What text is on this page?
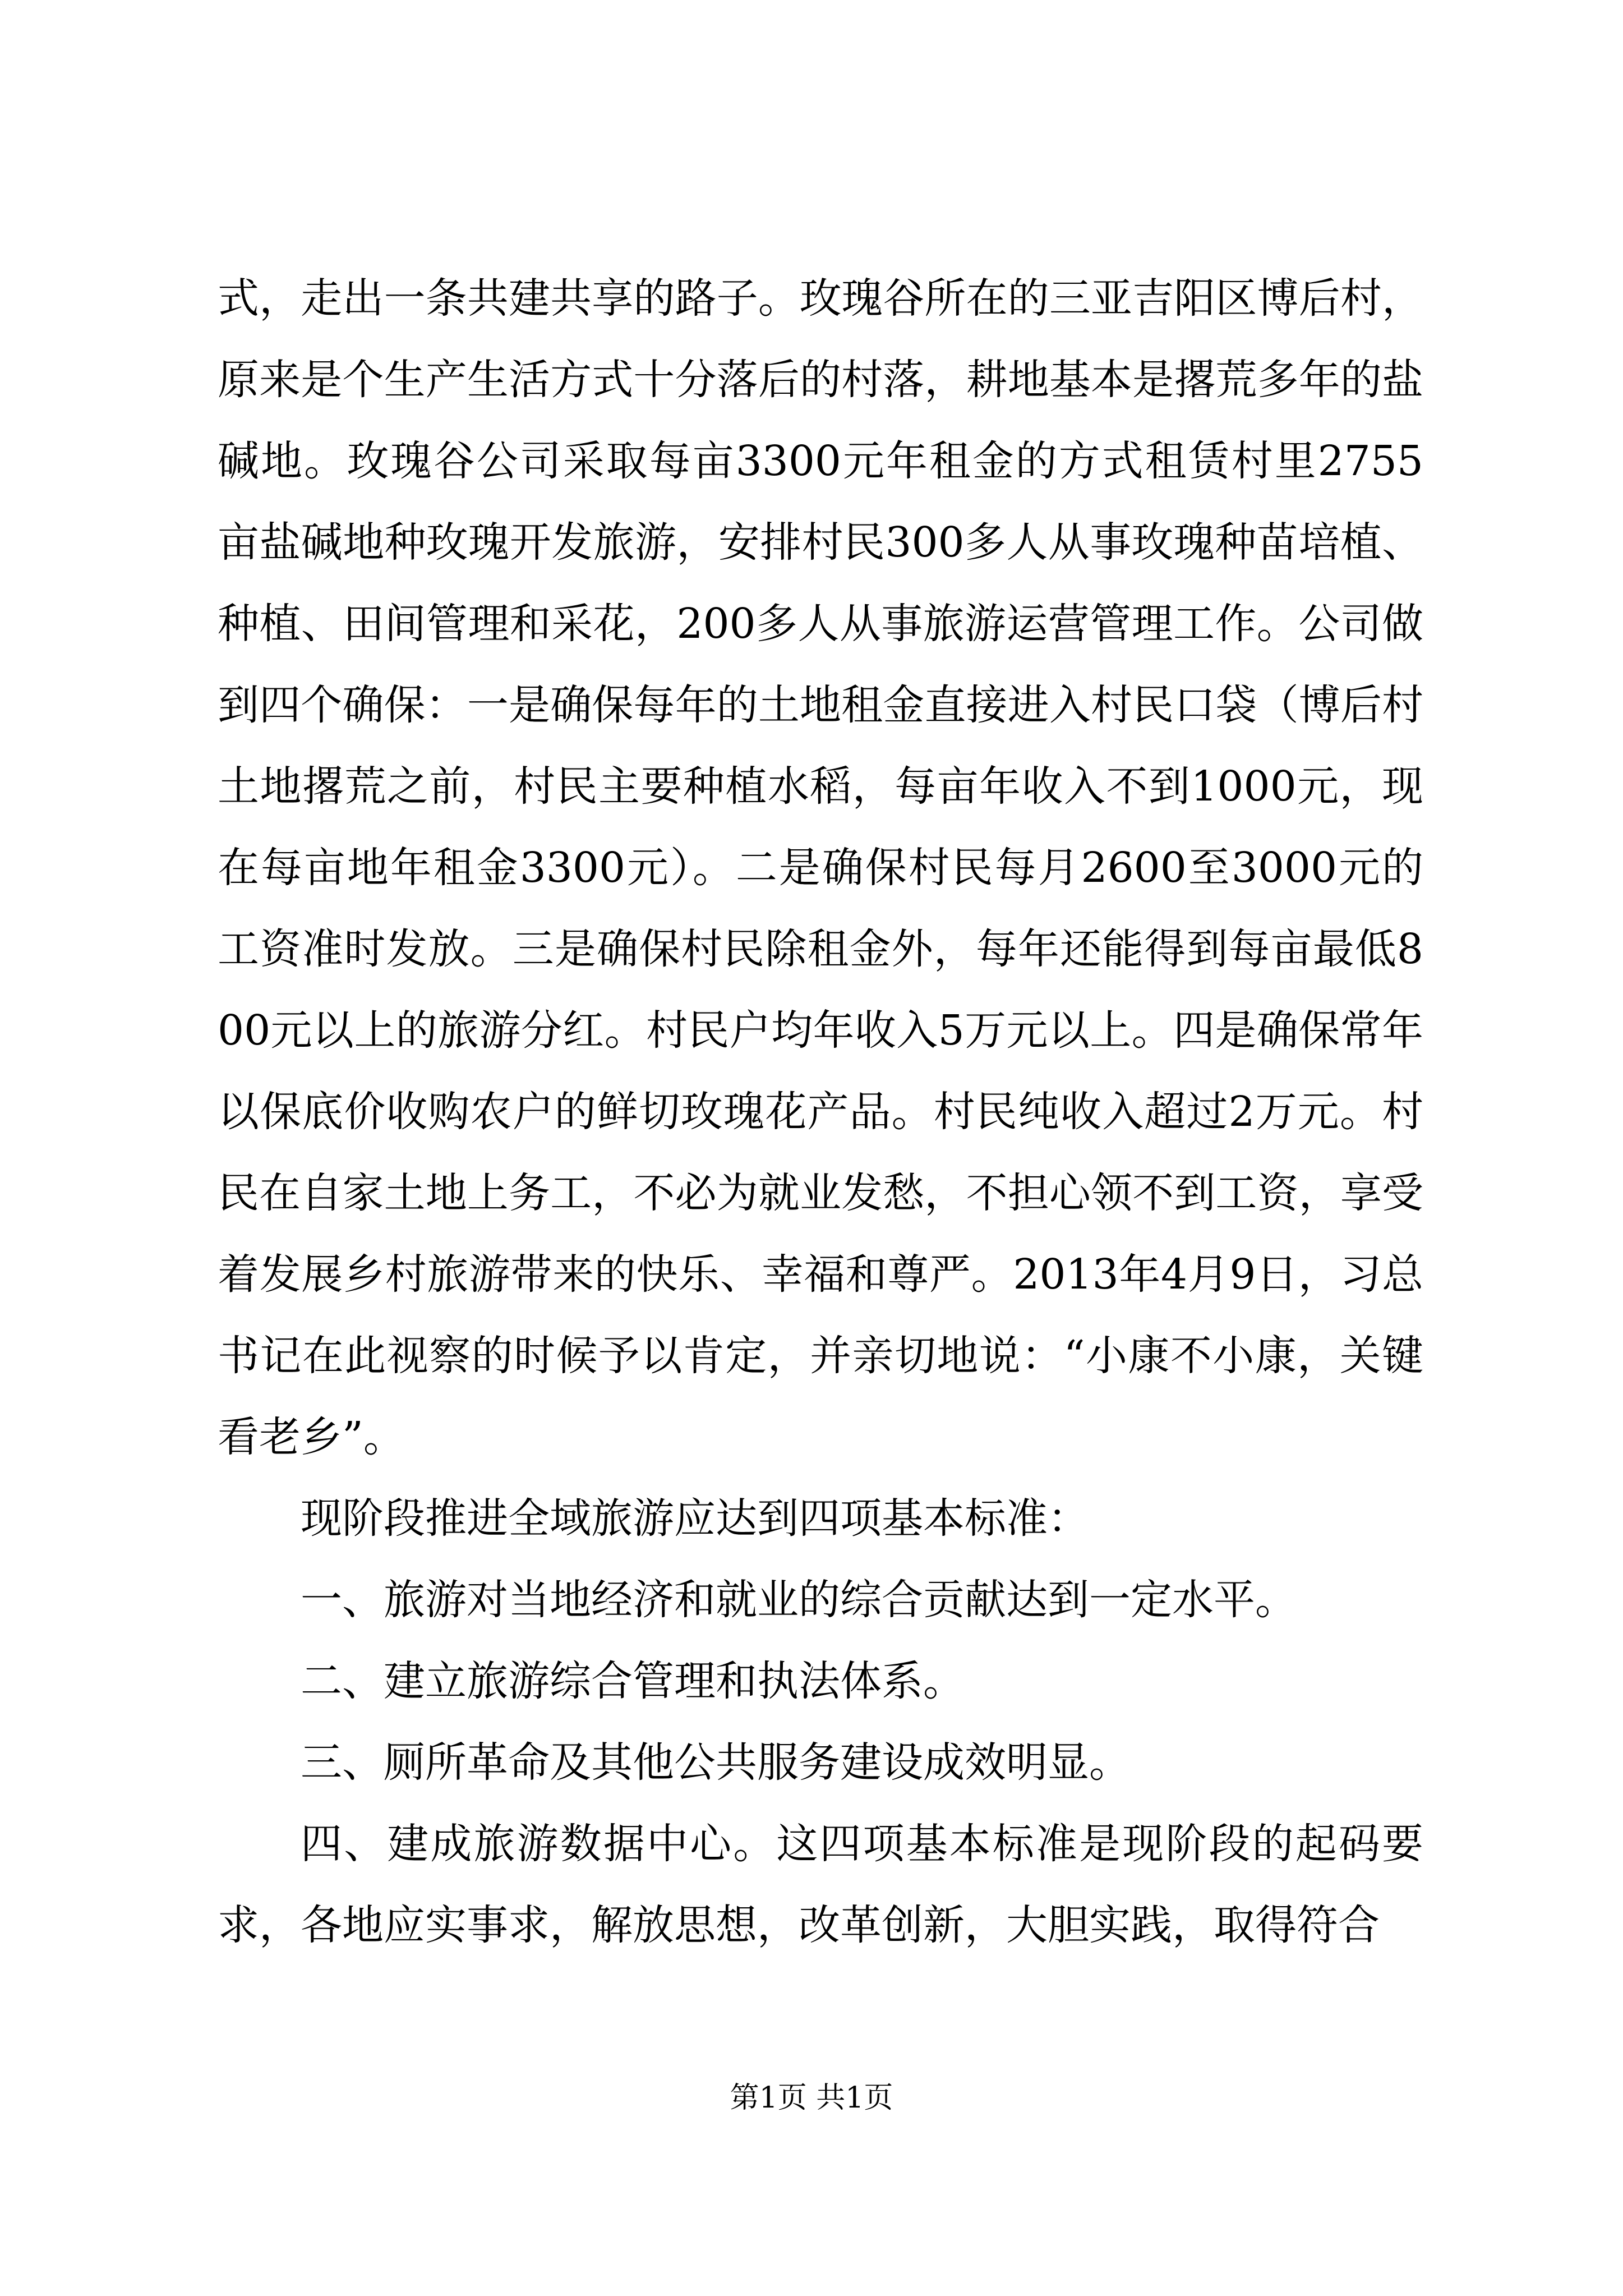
式，走出一条共建共享的路子。玫瑰谷所在的三亚吉阳区博后村，原来是个生产生活方式十分落后的村落，耕地基本是撂荒多年的盐碱地。玫瑰谷公司采取每亩3300元年租金的方式租赁村里2755亩盐碱地种玫瑰开发旅游，安排村民300多人从事玫瑰种苗培植、种植、田间管理和采花，200多人从事旅游运营管理工作。公司做到四个确保：一是确保每年的土地租金直接进入村民口袋（博后村土地撂荒之前，村民主要种植水稻，每亩年收入不到1000元，现在每亩地年租金3300元）。二是确保村民每月2600至3000元的工资准时发放。三是确保村民除租金外，每年还能得到每亩最低800元以上的旅游分红。村民户均年收入5万元以上。四是确保常年以保底价收购农户的鲜切玫瑰花产品。村民纯收入超过2万元。村民在自家土地上务工，不必为就业发愁，不担心领不到工资，享受着发展乡村旅游带来的快乐、幸福和尊严。2013年4月9日，习总书记在此视察的时候予以肯定，并亲切地说：“小康不小康，关键看老乡”。

现阶段推进全域旅游应达到四项基本标准：

一、旅游对当地经济和就业的综合贡献达到一定水平。

二、建立旅游综合管理和执法体系。

三、厕所革命及其他公共服务建设成效明显。

四、建成旅游数据中心。这四项基本标准是现阶段的起码要求，各地应实事求，解放思想，改革创新，大胆实践，取得符合

第1页 共1页
